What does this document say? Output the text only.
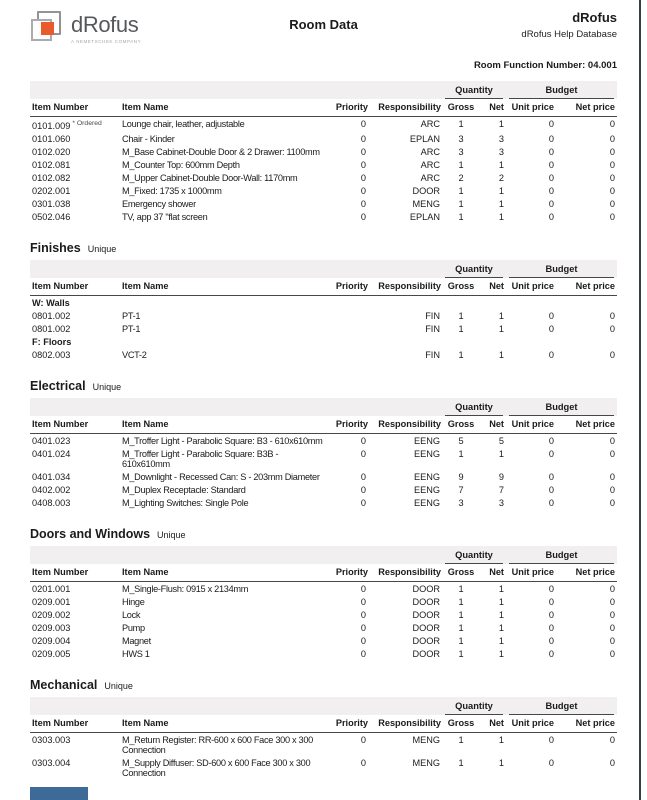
dRofus
A NEMETSCHEK COMPANY
Room Data	dRofus
dRofus Help Database
Room Function Number: 04.001

				Quantity		Budget	

Item Number	Item Name	Priority	Responsibility	Gross	Net	Unit price	Net price
0101.009 $^{* Ordered}$	Lounge chair, leather, adjustable	0	ARC	1	1	0	0
0101.060	Chair - Kinder	0	EPLAN	3	3	0	0
0102.020	M_Base Cabinet-Double Door & 2 Drawer: 1100mm	0	ARC	3	3	0	0
0102.081	M_Counter Top: 600mm Depth	0	ARC	1	1	0	0
0102.082	M_Upper Cabinet-Double Door-Wall: 1170mm	0	ARC	2	2	0	0
0202.001	M_Fixed: 1735 x 1000mm	0	DOOR	1	1	0	0
0301.038	Emergency shower	0	MENG	1	1	0	0
0502.046	TV, app 37 "flat screen	0	EPLAN	1	1	0	0
Finishes Unique

				Quantity		Budget	

Item Number	Item Name	Priority	Responsibility	Gross	Net	Unit price	Net price
W: Walls							
0801.002	PT-1		FIN	1	1	0	0
0801.002	PT-1		FIN	1	1	0	0
F: Floors							
0802.003	VCT-2		FIN	1	1	0	0
Electrical Unique

				Quantity		Budget	

Item Number	Item Name	Priority	Responsibility	Gross	Net	Unit price	Net price
0401.023	M_Troffer Light - Parabolic Square: B3 - 610x610mm	0	EENG	5	5	0	0
0401.024	M_Troffer Light - Parabolic Square: B3B - 610x610mm	0	EENG	1	1	0	0
0401.034	M_Downlight - Recessed Can: S - 203mm Diameter	0	EENG	9	9	0	0
0402.002	M_Duplex Receptacle: Standard	0	EENG	7	7	0	0
0408.003	M_Lighting Switches: Single Pole	0	EENG	3	3	0	0
Doors and Windows Unique

				Quantity		Budget	

Item Number	Item Name	Priority	Responsibility	Gross	Net	Unit price	Net price
0201.001	M_Single-Flush: 0915 x 2134mm	0	DOOR	1	1	0	0
0209.001	Hinge	0	DOOR	1	1	0	0
0209.002	Lock	0	DOOR	1	1	0	0
0209.003	Pump	0	DOOR	1	1	0	0
0209.004	Magnet	0	DOOR	1	1	0	0
0209.005	HWS 1	0	DOOR	1	1	0	0
Mechanical Unique

				Quantity		Budget	

Item Number	Item Name	Priority	Responsibility	Gross	Net	Unit price	Net price
0303.003	M_Return Register: RR-600 x 600 Face 300 x 300 Connection	0	MENG	1	1	0	0
0303.004	M_Supply Diffuser: SD-600 x 600 Face 300 x 300 Connection	0	MENG	1	1	0	0
